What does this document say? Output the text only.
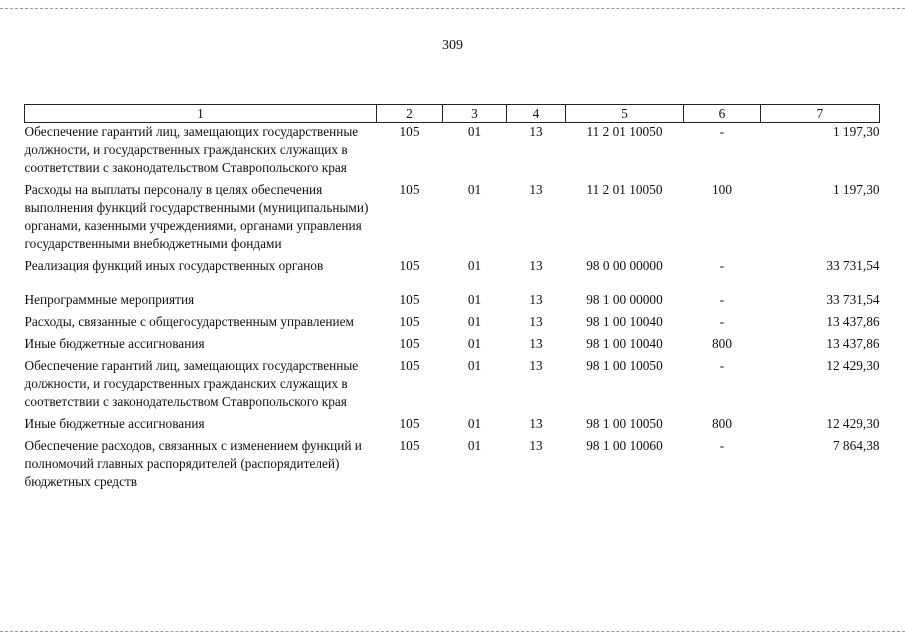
309
1	2	3	4	5	6	7
Обеспечение гарантий лиц, замещающих государственные должности, и государственных гражданских служащих в соответствии с законодательством Ставропольского края	105	01	13	11 2 01 10050	-	1 197,30
Расходы на выплаты персоналу в целях обеспечения выполнения функций государственными (муниципальными) органами, казенными учреждениями, органами управления государственными внебюджетными фондами	105	01	13	11 2 01 10050	100	1 197,30
Реализация функций иных государственных органов	105	01	13	98 0 00 00000	-	33 731,54
Непрограммные мероприятия	105	01	13	98 1 00 00000	-	33 731,54
Расходы, связанные с общегосударственным управлением	105	01	13	98 1 00 10040	-	13 437,86
Иные бюджетные ассигнования	105	01	13	98 1 00 10040	800	13 437,86
Обеспечение гарантий лиц, замещающих государственные должности, и государственных гражданских служащих в соответствии с законодательством Ставропольского края	105	01	13	98 1 00 10050	-	12 429,30
Иные бюджетные ассигнования	105	01	13	98 1 00 10050	800	12 429,30
Обеспечение расходов, связанных с изменением функций и полномочий главных распорядителей (распорядителей) бюджетных средств	105	01	13	98 1 00 10060	-	7 864,38
